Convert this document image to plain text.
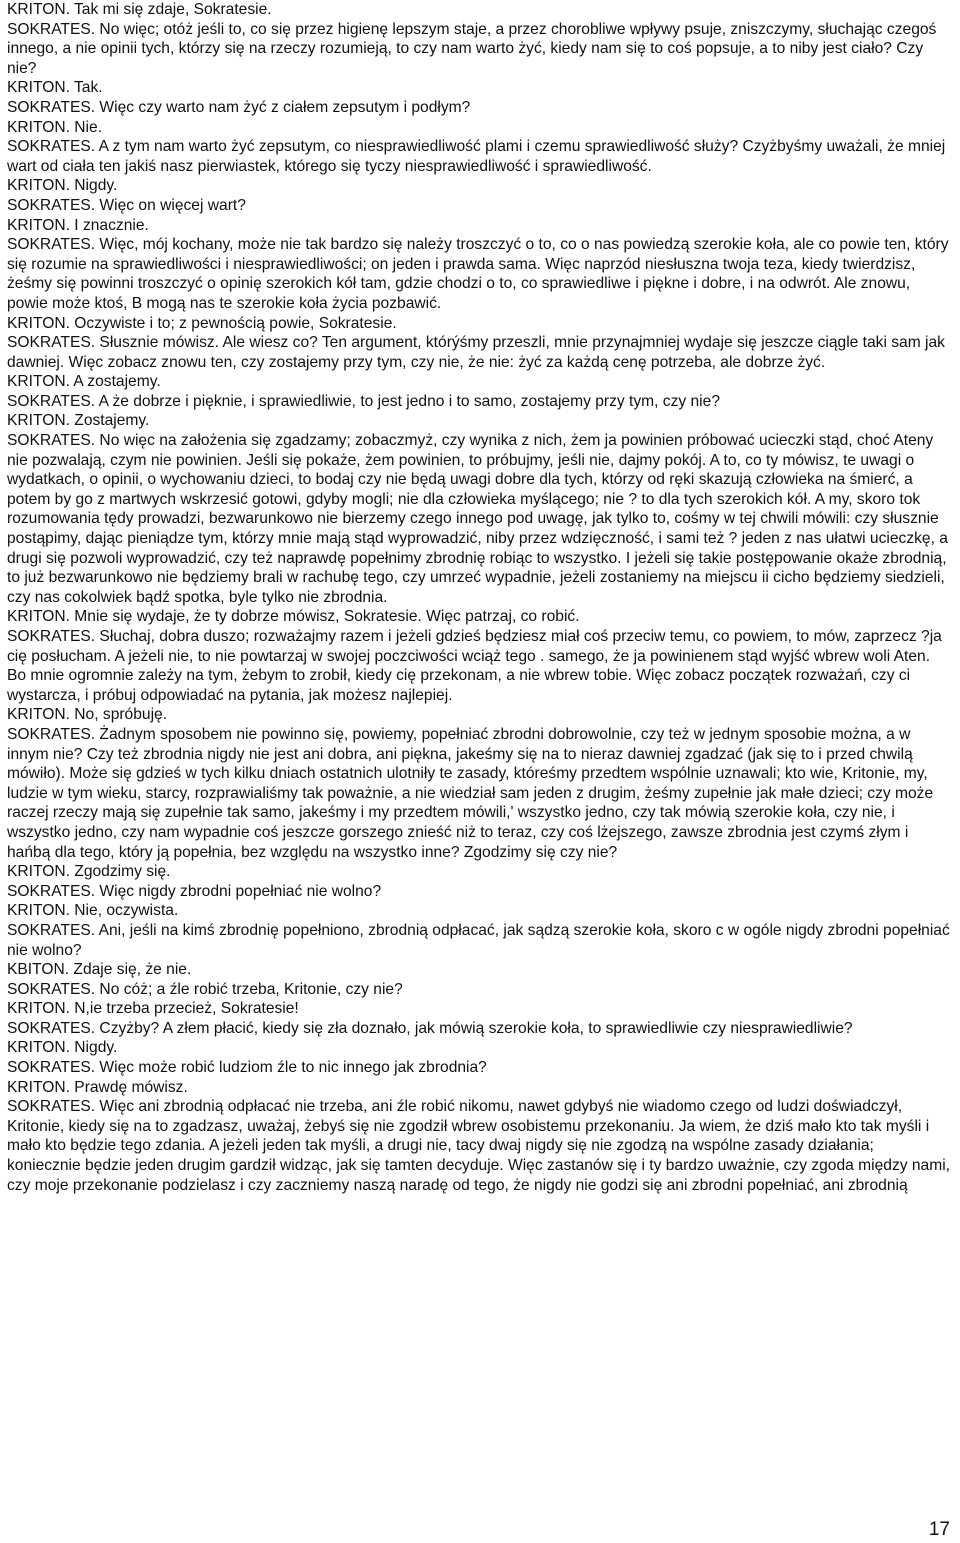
KRITON. Tak mi się zdaje, Sokratesie.

SOKRATES. No więc; otóż jeśli to, co się przez higienę lepszym staje, a przez chorobliwe wpływy psuje, zniszczymy, słuchając czegoś innego, a nie opinii tych, którzy się na rzeczy rozumieją, to czy nam warto żyć, kiedy nam się to coś popsuje, a to niby jest ciało? Czy nie?

KRITON. Tak.

SOKRATES. Więc czy warto nam żyć z ciałem zepsutym i podłym?

KRITON. Nie.

SOKRATES. A z tym nam warto żyć zepsutym, co niesprawiedliwość plami i czemu sprawiedliwość służy? Czyżbyśmy uważali, że mniej wart od ciała ten jakiś nasz pierwiastek, którego się tyczy niesprawiedliwość i sprawiedliwość.

KRITON. Nigdy.

SOKRATES. Więc on więcej wart?

KRITON. I znacznie.

SOKRATES. Więc, mój kochany, może nie tak bardzo się należy troszczyć o to, co o nas powiedzą szerokie koła, ale co powie ten, który się rozumie na sprawiedliwości i niesprawiedliwości; on jeden i prawda sama. Więc naprzód niesłuszna twoja teza, kiedy twierdzisz, żeśmy się powinni troszczyć o opinię szerokich kół tam, gdzie chodzi o to, co sprawiedliwe i piękne i dobre, i na odwrót. Ale znowu, powie może ktoś, B mogą nas te szerokie koła życia pozbawić.

KRITON. Oczywiste i to; z pewnością powie, Sokratesie.

SOKRATES. Słusznie mówisz. Ale wiesz co? Ten argument, którýśmy przeszli, mnie przynajmniej wydaje się jeszcze ciągle taki sam jak dawniej. Więc zobacz znowu ten, czy zostajemy przy tym, czy nie, że nie: żyć za każdą cenę potrzeba, ale dobrze żyć.

KRITON. A zostajemy.

SOKRATES. A że dobrze i pięknie, i sprawiedliwie, to jest jedno i to samo, zostajemy przy tym, czy nie?

KRITON. Zostajemy.

SOKRATES. No więc na założenia się zgadzamy; zobaczmyż, czy wynika z nich, żem ja powinien próbować ucieczki stąd, choć Ateny nie pozwalają, czym nie powinien. Jeśli się pokaże, żem powinien, to próbujmy, jeśli nie, dajmy pokój. A to, co ty mówisz, te uwagi o wydatkach, o opinii, o wychowaniu dzieci, to bodaj czy nie będą uwagi dobre dla tych, którzy od ręki skazują człowieka na śmierć, a potem by go z martwych wskrzesić gotowi, gdyby mogli; nie dla człowieka myślącego; nie ? to dla tych szerokich kół. A my, skoro tok rozumowania tędy prowadzi, bezwarunkowo nie bierzemy czego innego pod uwagę, jak tylko to, cośmy w tej chwili mówili: czy słusznie postąpimy, dając pieniądze tym, którzy mnie mają stąd wyprowadzić, niby przez wdzięczność, i sami też ? jeden z nas ułatwi ucieczkę, a drugi się pozwoli wyprowadzić, czy też naprawdę popełnimy zbrodnię robiąc to wszystko. I jeżeli się takie postępowanie okaże zbrodnią, to już bezwarunkowo nie będziemy brali w rachubę tego, czy umrzeć wypadnie, jeżeli zostaniemy na miejscu ii cicho będziemy siedzieli, czy nas cokolwiek bądź spotka, byle tylko nie zbrodnia.

KRITON. Mnie się wydaje, że ty dobrze mówisz, Sokratesie. Więc patrzaj, co robić.

SOKRATES. Słuchaj, dobra duszo; rozważajmy razem i jeżeli gdzieś będziesz miał coś przeciw temu, co powiem, to mów, zaprzecz ?ja cię posłucham. A jeżeli nie, to nie powtarzaj w swojej poczciwości wciąż tego . samego, że ja powinienem stąd wyjść wbrew woli Aten. Bo mnie ogromnie zależy na tym, żebym to zrobił, kiedy cię przekonam, a nie wbrew tobie. Więc zobacz początek rozważań, czy ci wystarcza, i próbuj odpowiadać na pytania, jak możesz najlepiej.

KRITON. No, spróbuję.

SOKRATES. Żadnym sposobem nie powinno się, powiemy, popełniać zbrodni dobrowolnie, czy też w jednym sposobie można, a w innym nie? Czy też zbrodnia nigdy nie jest ani dobra, ani piękna, jakeśmy się na to nieraz dawniej zgadzać (jak się to i przed chwilą mówiło). Może się gdzieś w tych kilku dniach ostatnich ulotniły te zasady, któreśmy przedtem wspólnie uznawali; kto wie, Kritonie, my, ludzie w tym wieku, starcy, rozprawialiśmy tak poważnie, a nie wiedział sam jeden z drugim, żeśmy zupełnie jak małe dzieci; czy może raczej rzeczy mają się zupełnie tak samo, jakeśmy i my przedtem mówili,' wszystko jedno, czy tak mówią szerokie koła, czy nie, i wszystko jedno, czy nam wypadnie coś jeszcze gorszego znieść niż to teraz, czy coś lżejszego, zawsze zbrodnia jest czymś złym i hańbą dla tego, który ją popełnia, bez względu na wszystko inne? Zgodzimy się czy nie?

KRITON. Zgodzimy się.

SOKRATES. Więc nigdy zbrodni popełniać nie wolno?

KRITON. Nie, oczywista.

SOKRATES. Ani, jeśli na kimś zbrodnię popełniono, zbrodnią odpłacać, jak sądzą szerokie koła, skoro c w ogóle nigdy zbrodni popełniać nie wolno?

KBITON. Zdaje się, że nie.

SOKRATES. No cóż; a źle robić trzeba, Kritonie, czy nie?

KRITON. N,ie trzeba przecież, Sokratesie!

SOKRATES. Czyżby? A złem płacić, kiedy się zła doznało, jak mówią szerokie koła, to sprawiedliwie czy niesprawiedliwie?

KRITON. Nigdy.

SOKRATES. Więc może robić ludziom źle to nic innego jak zbrodnia?

KRITON. Prawdę mówisz.

SOKRATES. Więc ani zbrodnią odpłacać nie trzeba, ani źle robić nikomu, nawet gdybyś nie wiadomo czego od ludzi doświadczył, Kritonie, kiedy się na to zgadzasz, uważaj, żebyś się nie zgodził wbrew osobistemu przekonaniu. Ja wiem, że dziś mało kto tak myśli i mało kto będzie tego zdania. A jeżeli jeden tak myśli, a drugi nie, tacy dwaj nigdy się nie zgodzą na wspólne zasady działania; koniecznie będzie jeden drugim gardził widząc, jak się tamten decyduje. Więc zastanów się i ty bardzo uważnie, czy zgoda między nami, czy moje przekonanie podzielasz i czy zaczniemy naszą naradę od tego, że nigdy nie godzi się ani zbrodni popełniać, ani zbrodnią

17
